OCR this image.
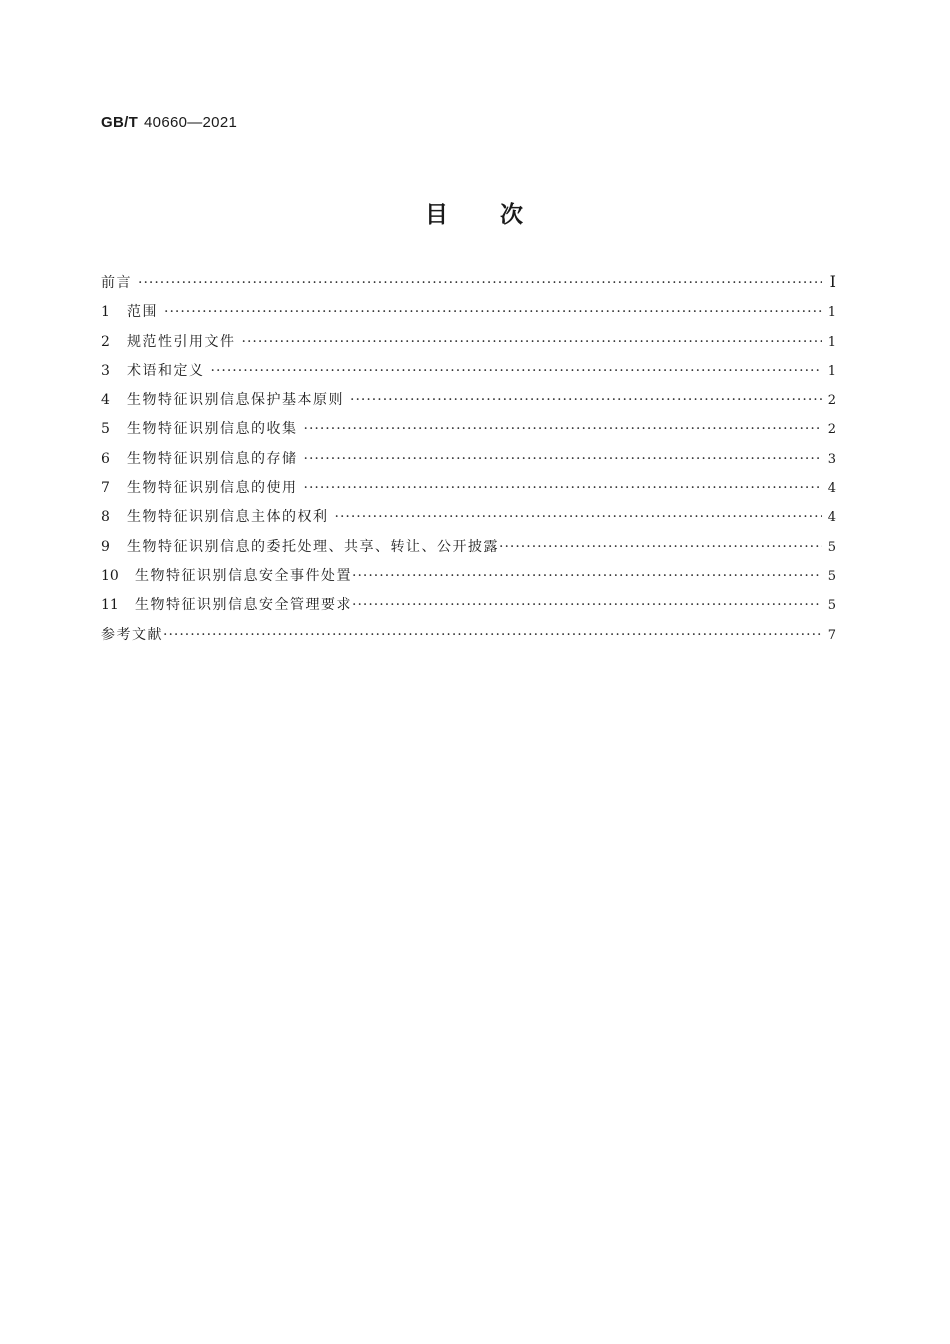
GB/T 40660—2021
目　　次
前言 ·····	Ⅰ
1	范围 ·····	1
2	规范性引用文件 ·····	1
3	术语和定义 ·····	1
4	生物特征识别信息保护基本原则 ·····	2
5	生物特征识别信息的收集 ·····	2
6	生物特征识别信息的存储 ·····	3
7	生物特征识别信息的使用 ·····	4
8	生物特征识别信息主体的权利 ·····	4
9	生物特征识别信息的委托处理、共享、转让、公开披露 ·····	5
10	生物特征识别信息安全事件处置 ·····	5
11	生物特征识别信息安全管理要求 ·····	5
参考文献 ·····	7
